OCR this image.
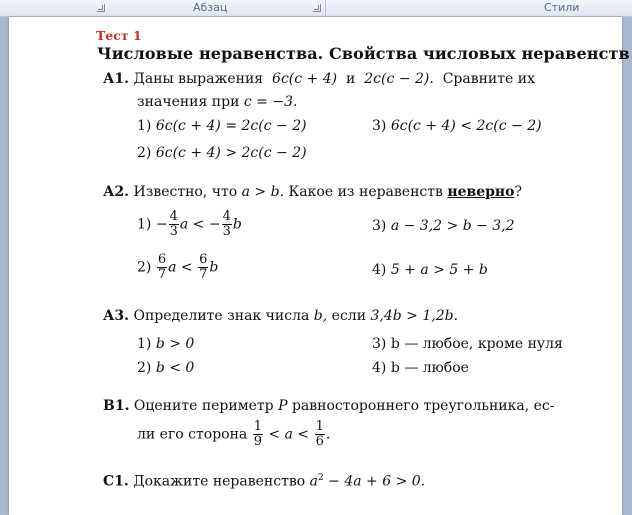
Абзац	Стили
Тест 1
Числовые неравенства. Свойства числовых неравенств
А1. Даны выражения 6c(c + 4) и 2c(c − 2). Сравните их
значения при c = −3.
1) 6c(c + 4) = 2c(c − 2)	3) 6c(c + 4) < 2c(c − 2)
2) 6c(c + 4) > 2c(c − 2)
А2. Известно, что a > b. Какое из неравенств неверно?
$1) - \frac{4}{3}$ a < − $\frac{4}{3}$ b	3) a − 3,2 > b − 3,2
$2) \frac{6}{7}$ $a < \frac{6}{7}$ b	4) 5 + a > 5 + b
А3. Определите знак числа b, если 3,4b > 1,2b.
1) b > 0	3) b — любое, кроме нуля
2) b < 0	4) b — любое
В1. Оцените периметр P равностороннего треугольника, ес-
ли его сторона $\frac{1}{9} < a < \frac{1}{6}$ .
С1. Докажите неравенство $a^2 - 4a + 6 > 0$.
